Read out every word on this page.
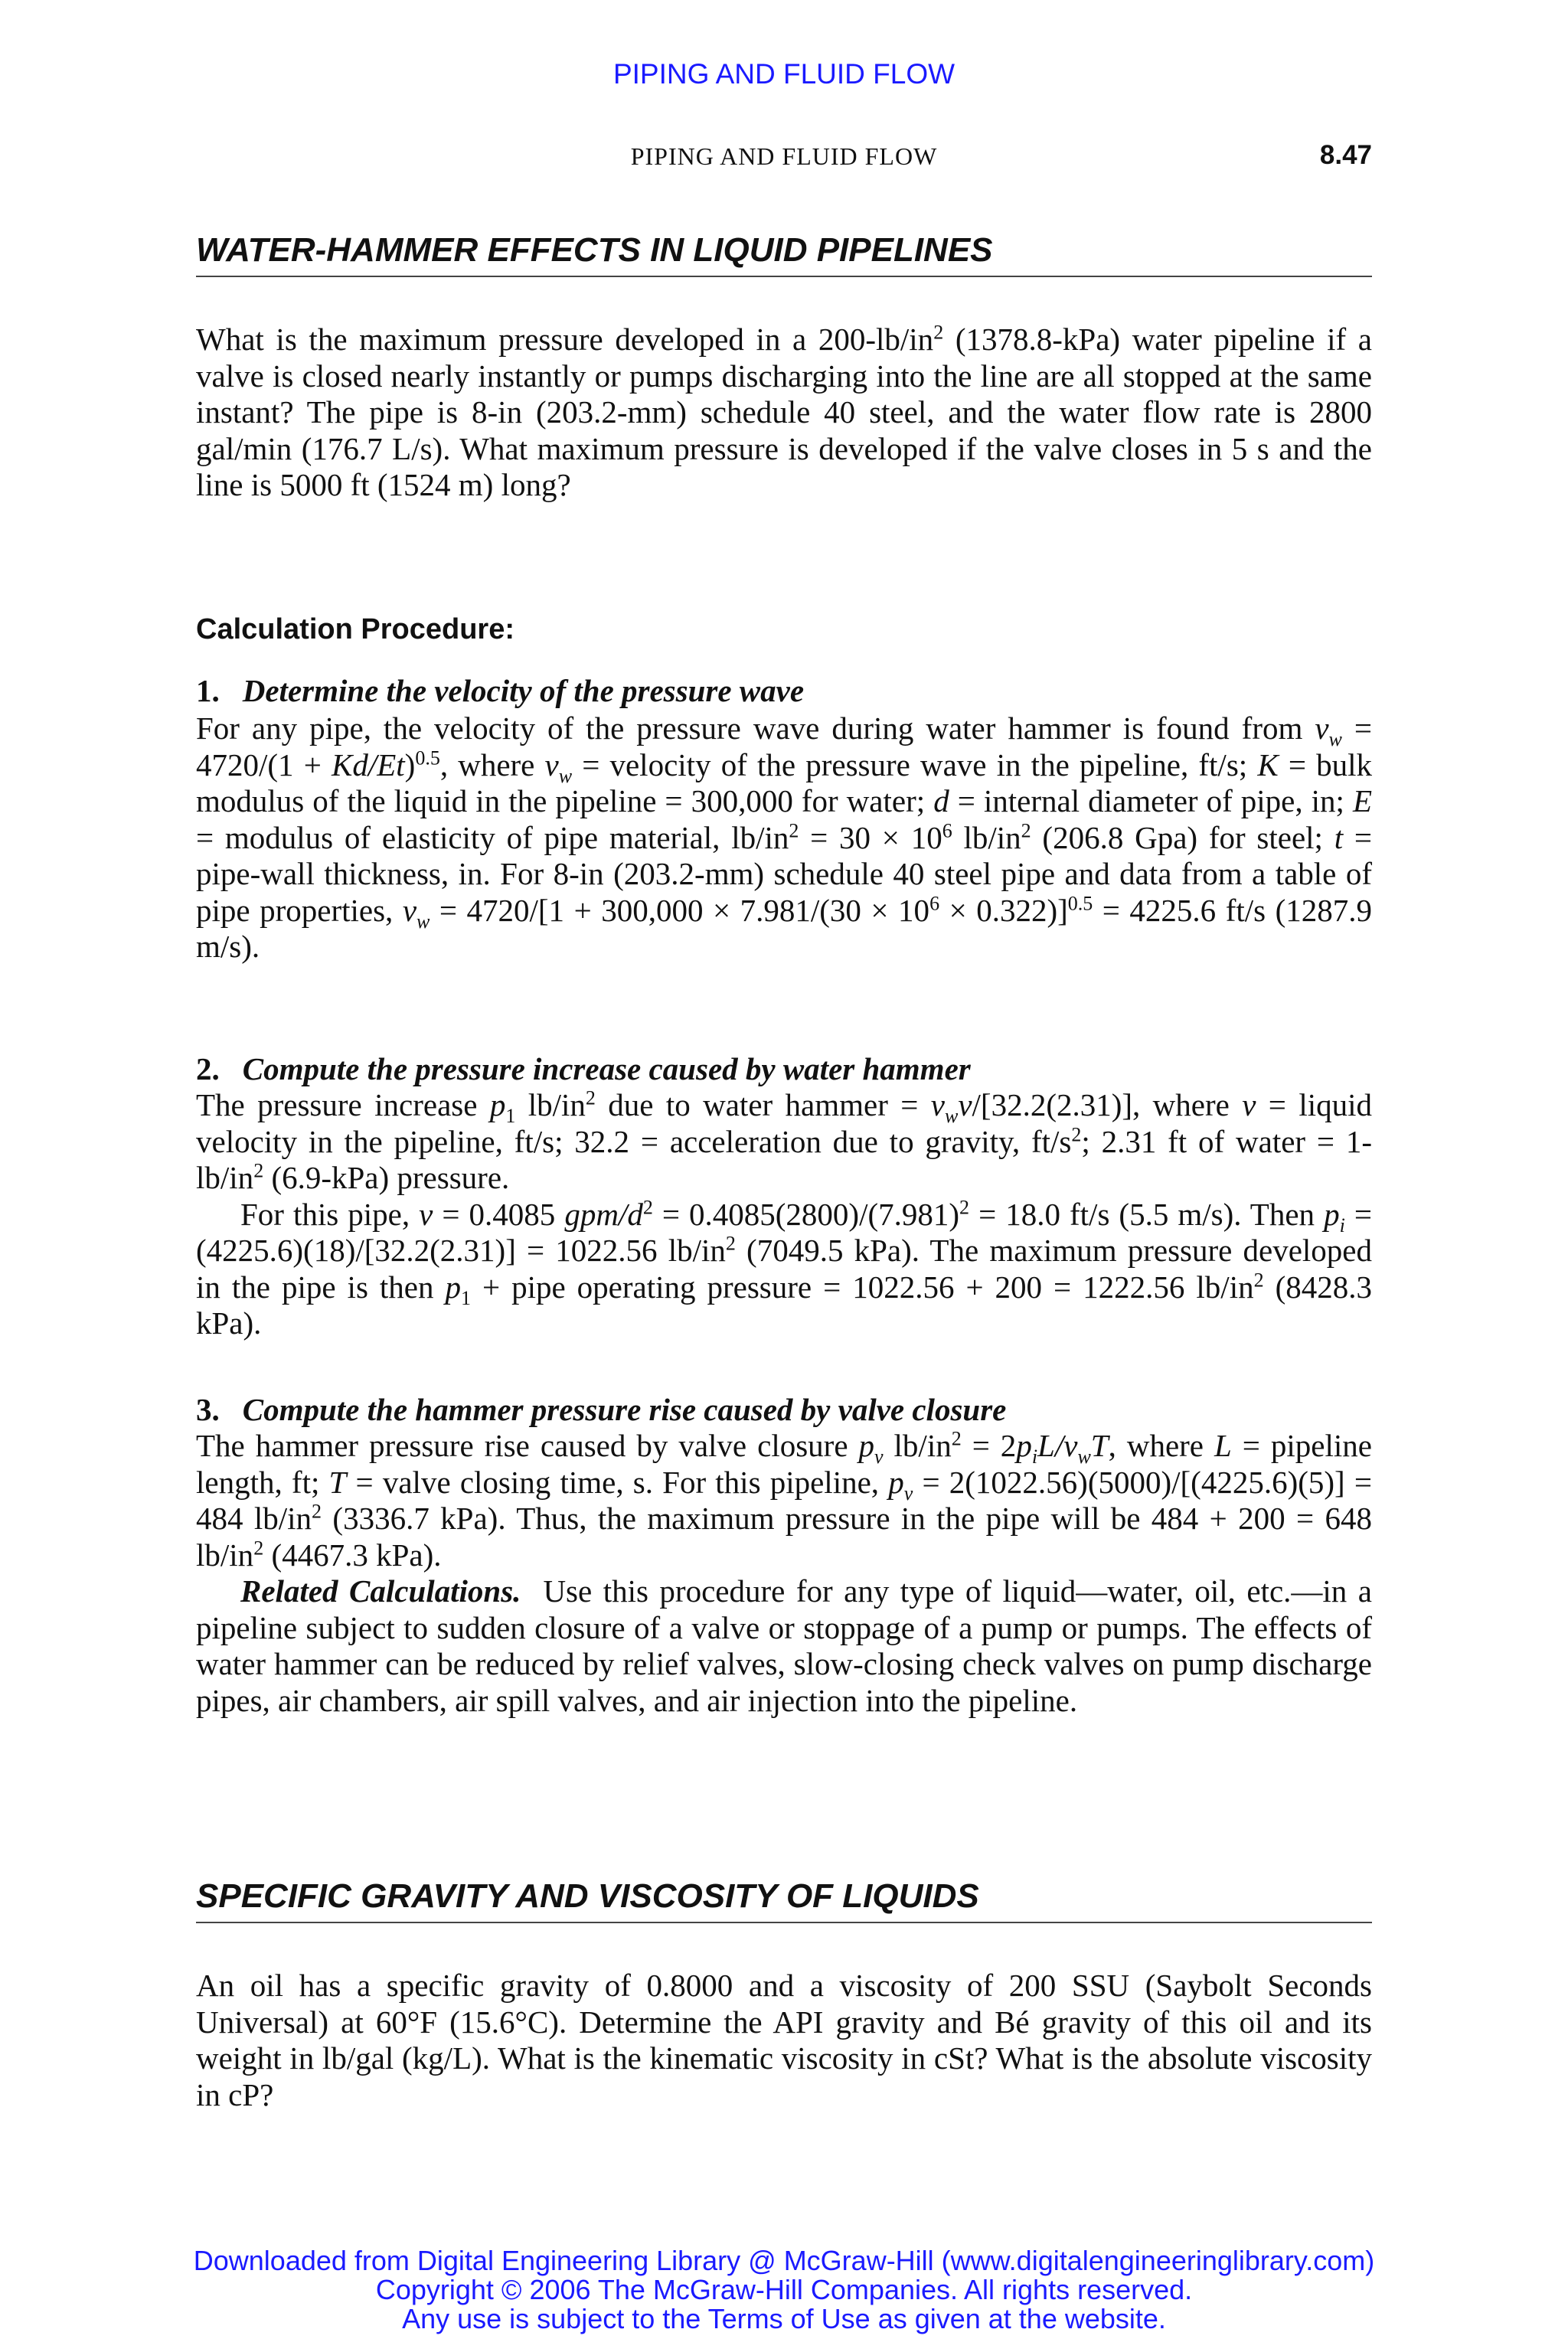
PIPING AND FLUID FLOW
PIPING AND FLUID FLOW	8.47
WATER-HAMMER EFFECTS IN LIQUID PIPELINES
What is the maximum pressure developed in a $200-lb/in^2$ (1378.8-kPa) water pipeline if a valve is closed nearly instantly or pumps discharging into the line are all stopped at the same instant? The pipe is 8-in (203.2-mm) schedule 40 steel, and the water flow rate is 2800 gal/min (176.7 L/s). What maximum pressure is developed if the valve closes in 5 s and the line is 5000 ft (1524 m) long?
Calculation Procedure:
1. Determine the velocity of the pressure wave
For any pipe, the velocity of the pressure wave during water hammer is found from $v_w = 4720/(1 + Kd/Et)^{0.5}$, where $v_w$ = velocity of the pressure wave in the pipeline, ft/s; K = bulk modulus of the liquid in the pipeline = 300,000 for water; d = internal diameter of pipe, in; E = modulus of elasticity of pipe material, $lb/in^2 = 30 \times 10^6$ $lb/in^2$ (206.8 Gpa) for steel; t = pipe-wall thickness, in. For 8-in (203.2-mm) schedule 40 steel pipe and data from a table of pipe properties, $v_w = 4720/[1 + 300,000 \times 7.981/(30 \times 10^6 \times 0.322)]^{0.5} = 4225.6$ ft/s (1287.9 m/s).
2. Compute the pressure increase caused by water hammer
The pressure increase $p_1$ $lb/in^2$ due to water hammer = $v_wv/[32.2(2.31)]$, where v = liquid velocity in the pipeline, ft/s; 32.2 = acceleration due to gravity, $ft/s^2$; 2.31 ft of water = $1-lb/in^2$ (6.9-kPa) pressure.
For this pipe, v = 0.4085 gpm/$d^2 = 0.4085(2800)/(7.981)^2 = 18.0$ ft/s (5.5 m/s). Then $p_i = (4225.6)(18)/[32.2(2.31)] = 1022.56$ $lb/in^2$ (7049.5 kPa). The maximum pressure developed in the pipe is then $p_1$ + pipe operating pressure = 1022.56 + 200 = 1222.56 $lb/in^2$ (8428.3 kPa).
3. Compute the hammer pressure rise caused by valve closure
The hammer pressure rise caused by valve closure $p_v$ $lb/in^2 = 2p_iL/v_wT$, where L = pipeline length, ft; T = valve closing time, s. For this pipeline, $p_v = 2(1022.56)(5000)/[(4225.6)(5)] = 484$ $lb/in^2$ (3336.7 kPa). Thus, the maximum pressure in the pipe will be 484 + 200 = 648 $lb/in^2$ (4467.3 kPa).
Related Calculations. Use this procedure for any type of liquid—water, oil, etc.—in a pipeline subject to sudden closure of a valve or stoppage of a pump or pumps. The effects of water hammer can be reduced by relief valves, slow-closing check valves on pump discharge pipes, air chambers, air spill valves, and air injection into the pipeline.
SPECIFIC GRAVITY AND VISCOSITY OF LIQUIDS
An oil has a specific gravity of 0.8000 and a viscosity of 200 SSU (Saybolt Seconds Universal) at 60°F (15.6°C). Determine the API gravity and Bé gravity of this oil and its weight in lb/gal (kg/L). What is the kinematic viscosity in cSt? What is the absolute viscosity in cP?
Downloaded from Digital Engineering Library @ McGraw-Hill (www.digitalengineeringlibrary.com)
Copyright © 2006 The McGraw-Hill Companies. All rights reserved.
Any use is subject to the Terms of Use as given at the website.
